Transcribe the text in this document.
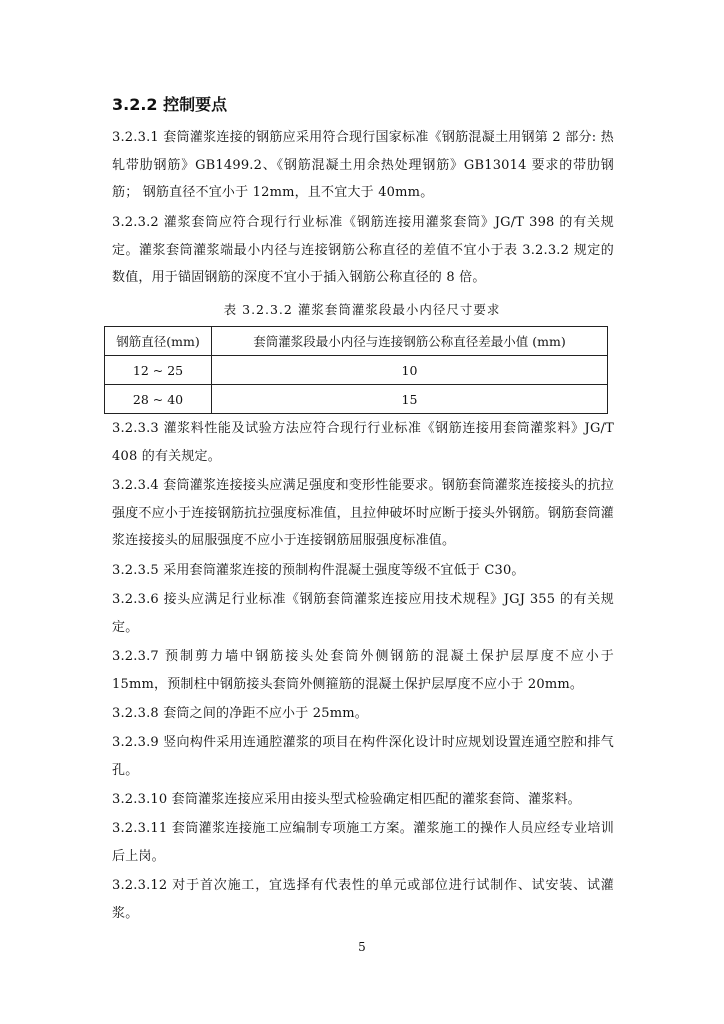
3.2.2 控制要点
3.2.3.1 套筒灌浆连接的钢筋应采用符合现行国家标准《钢筋混凝土用钢第 2 部分: 热轧带肋钢筋》GB1499.2、《钢筋混凝土用余热处理钢筋》GB13014 要求的带肋钢筋； 钢筋直径不宜小于 12mm，且不宜大于 40mm。
3.2.3.2 灌浆套筒应符合现行行业标准《钢筋连接用灌浆套筒》JG/T 398 的有关规定。灌浆套筒灌浆端最小内径与连接钢筋公称直径的差值不宜小于表 3.2.3.2 规定的数值，用于锚固钢筋的深度不宜小于插入钢筋公称直径的 8 倍。
表 3.2.3.2 灌浆套筒灌浆段最小内径尺寸要求
钢筋直径(mm)	套筒灌浆段最小内径与连接钢筋公称直径差最小值 (mm)
12 ~ 25	10
28 ~ 40	15
3.2.3.3 灌浆料性能及试验方法应符合现行行业标准《钢筋连接用套筒灌浆料》JG/T 408 的有关规定。
3.2.3.4 套筒灌浆连接接头应满足强度和变形性能要求。钢筋套筒灌浆连接接头的抗拉强度不应小于连接钢筋抗拉强度标准值，且拉伸破坏时应断于接头外钢筋。钢筋套筒灌浆连接接头的屈服强度不应小于连接钢筋屈服强度标准值。
3.2.3.5 采用套筒灌浆连接的预制构件混凝土强度等级不宜低于 C30。
3.2.3.6 接头应满足行业标准《钢筋套筒灌浆连接应用技术规程》JGJ 355 的有关规定。
3.2.3.7 预制剪力墙中钢筋接头处套筒外侧钢筋的混凝土保护层厚度不应小于 15mm，预制柱中钢筋接头套筒外侧箍筋的混凝土保护层厚度不应小于 20mm。
3.2.3.8 套筒之间的净距不应小于 25mm。
3.2.3.9 竖向构件采用连通腔灌浆的项目在构件深化设计时应规划设置连通空腔和排气孔。
3.2.3.10 套筒灌浆连接应采用由接头型式检验确定相匹配的灌浆套筒、灌浆料。
3.2.3.11 套筒灌浆连接施工应编制专项施工方案。灌浆施工的操作人员应经专业培训后上岗。
3.2.3.12 对于首次施工，宜选择有代表性的单元或部位进行试制作、试安装、试灌浆。
5
